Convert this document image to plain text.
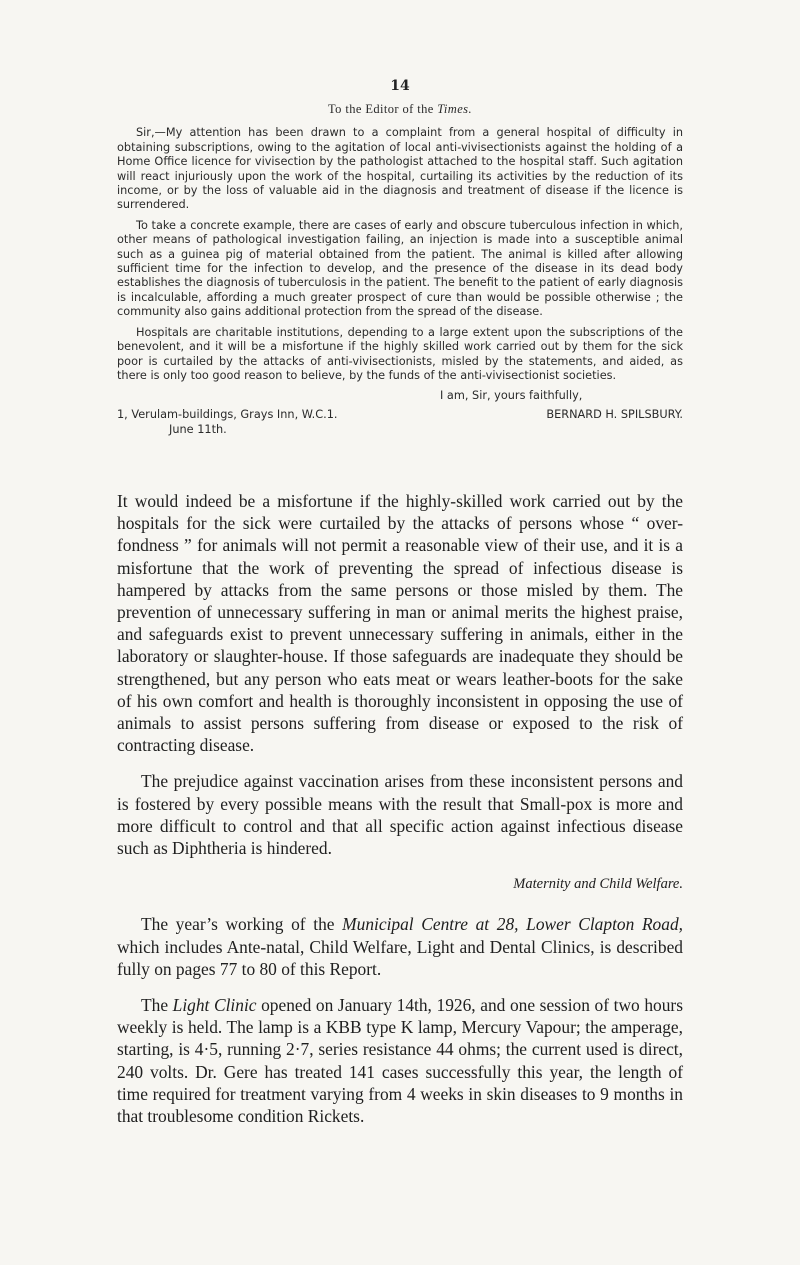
14
To the Editor of the Times.

Sir,—My attention has been drawn to a complaint from a general hospital of difficulty in obtaining subscriptions, owing to the agitation of local anti-vivisectionists against the holding of a Home Office licence for vivisection by the pathologist attached to the hospital staff. Such agitation will react injuriously upon the work of the hospital, curtailing its activities by the reduction of its income, or by the loss of valuable aid in the diagnosis and treatment of disease if the licence is surrendered.

To take a concrete example, there are cases of early and obscure tuberculous infection in which, other means of pathological investigation failing, an injection is made into a susceptible animal such as a guinea pig of material obtained from the patient. The animal is killed after allowing sufficient time for the infection to develop, and the presence of the disease in its dead body establishes the diagnosis of tuberculosis in the patient. The benefit to the patient of early diagnosis is incalculable, affording a much greater prospect of cure than would be possible otherwise ; the community also gains additional protection from the spread of the disease.

Hospitals are charitable institutions, depending to a large extent upon the subscriptions of the benevolent, and it will be a misfortune if the highly skilled work carried out by them for the sick poor is curtailed by the attacks of anti-vivisectionists, misled by the statements, and aided, as there is only too good reason to believe, by the funds of the anti-vivisectionist societies.

I am, Sir, yours faithfully,
1, Verulam-buildings, Grays Inn, W.C.1.	BERNARD H. SPILSBURY.
June 11th.

It would indeed be a misfortune if the highly-skilled work carried out by the hospitals for the sick were curtailed by the attacks of persons whose “ over-fondness ” for animals will not permit a reasonable view of their use, and it is a misfortune that the work of preventing the spread of infectious disease is hampered by attacks from the same persons or those misled by them. The prevention of unnecessary suffering in man or animal merits the highest praise, and safeguards exist to prevent unnecessary suffering in animals, either in the laboratory or slaughter-house. If those safeguards are inadequate they should be strengthened, but any person who eats meat or wears leather-boots for the sake of his own comfort and health is thoroughly inconsistent in opposing the use of animals to assist persons suffering from disease or exposed to the risk of contracting disease.

The prejudice against vaccination arises from these inconsistent persons and is fostered by every possible means with the result that Small-pox is more and more difficult to control and that all specific action against infectious disease such as Diphtheria is hindered.

Maternity and Child Welfare.

The year’s working of the Municipal Centre at 28, Lower Clapton Road, which includes Ante-natal, Child Welfare, Light and Dental Clinics, is described fully on pages 77 to 80 of this Report.

The Light Clinic opened on January 14th, 1926, and one session of two hours weekly is held. The lamp is a KBB type K lamp, Mercury Vapour; the amperage, starting, is 4·5, running 2·7, series resistance 44 ohms; the current used is direct, 240 volts. Dr. Gere has treated 141 cases successfully this year, the length of time required for treatment varying from 4 weeks in skin diseases to 9 months in that troublesome condition Rickets.
